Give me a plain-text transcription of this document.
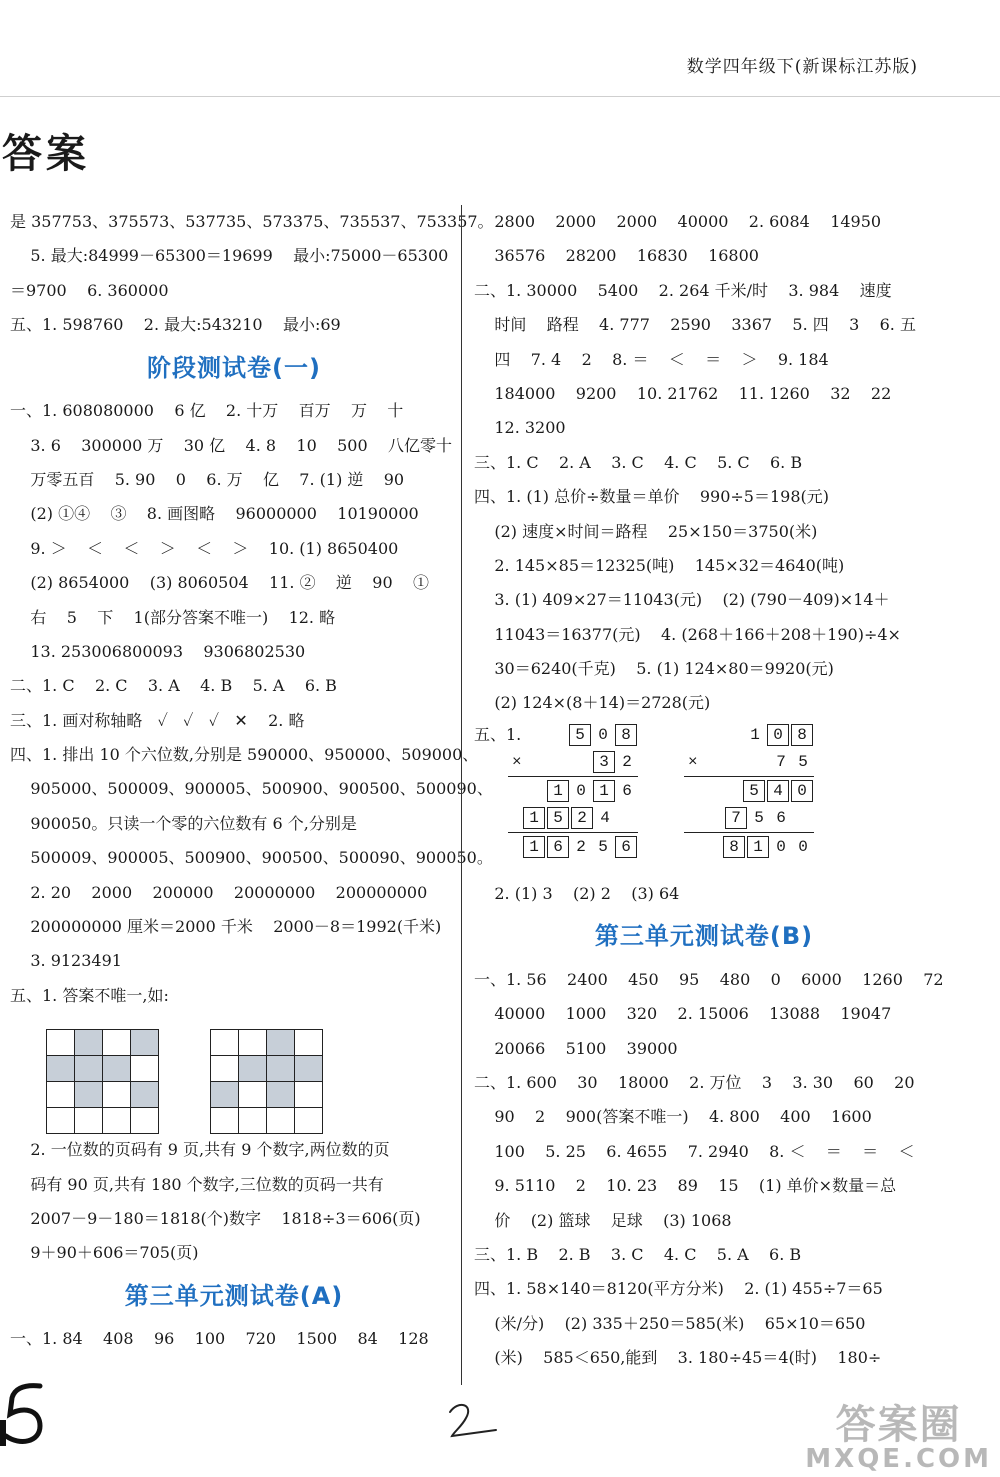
数学四年级下(新课标江苏版)
答案
是 357753、375573、537735、573375、735537、753357。
5. 最大:84999－65300＝19699    最小:75000－65300
＝9700    6. 360000
五、1. 598760    2. 最大:543210    最小:69
阶段测试卷(一)
一、1. 608080000    6 亿    2. 十万    百万    万    十
3. 6    300000 万    30 亿    4. 8    10    500    八亿零十
万零五百    5. 90    0    6. 万    亿    7. (1) 逆    90
(2) ①④    ③    8. 画图略    96000000    10190000
9. ＞    ＜    ＜    ＞    ＜    ＞    10. (1) 8650400
(2) 8654000    (3) 8060504    11. ②    逆    90    ①
右    5    下    1(部分答案不唯一)    12. 略
13. 253006800093    9306802530
二、1. C    2. C    3. A    4. B    5. A    6. B
三、1. 画对称轴略   ✓   ✓   ✓   ✕    2. 略
四、1. 排出 10 个六位数,分别是 590000、950000、509000、
905000、500009、900005、500900、900500、500090、
900050。只读一个零的六位数有 6 个,分别是
500009、900005、500900、900500、500090、900050。
2. 20    2000    200000    20000000    200000000
200000000 厘米＝2000 千米    2000－8＝1992(千米)
3. 9123491
五、1. 答案不唯一,如:
2. 一位数的页码有 9 页,共有 9 个数字,两位数的页
码有 90 页,共有 180 个数字,三位数的页码一共有
2007－9－180＝1818(个)数字    1818÷3＝606(页)
9＋90＋606＝705(页)
第三单元测试卷(A)
一、1. 84    408    96    100    720    1500    84    128
2800    2000    2000    40000    2. 6084    14950
36576    28200    16830    16800
二、1. 30000    5400    2. 264 千米/时    3. 984    速度
时间    路程    4. 777    2590    3367    5. 四    3    6. 五
四    7. 4    2    8. ＝    ＜    ＝    ＞    9. 184
184000    9200    10. 21762    11. 1260    32    22
12. 3200
三、1. C    2. A    3. C    4. C    5. C    6. B
四、1. (1) 总价÷数量＝单价    990÷5＝198(元)
(2) 速度×时间＝路程    25×150＝3750(米)
2. 145×85＝12325(吨)    145×32＝4640(吨)
3. (1) 409×27＝11043(元)    (2) (790－409)×14＋
11043＝16377(元)    4. (268＋166＋208＋190)÷4×
30＝6240(千克)    5. (1) 124×80＝9920(元)
(2) 124×(8＋14)＝2728(元)
五、1.	5 0 8
×	3 2
1 0 1 6
1 5 2 4
1 6 2 5 6
1 0 8
×	7 5
5 4 0
7 5 6
8 1 0 0
2. (1) 3    (2) 2    (3) 64
第三单元测试卷(B)
一、1. 56    2400    450    95    480    0    6000    1260    72
40000    1000    320    2. 15006    13088    19047
20066    5100    39000
二、1. 600    30    18000    2. 万位    3    3. 30    60    20
90    2    900(答案不唯一)    4. 800    400    1600
100    5. 25    6. 4655    7. 2940    8. ＜    ＝    ＝    ＜
9. 5110    2    10. 23    89    15    (1) 单价×数量＝总
价    (2) 篮球    足球    (3) 1068
三、1. B    2. B    3. C    4. C    5. A    6. B
四、1. 58×140＝8120(平方分米)    2. (1) 455÷7＝65
(米/分)    (2) 335＋250＝585(米)    65×10＝650
(米)    585＜650,能到    3. 180÷45＝4(时)    180÷
答案圈
MXQE.COM
